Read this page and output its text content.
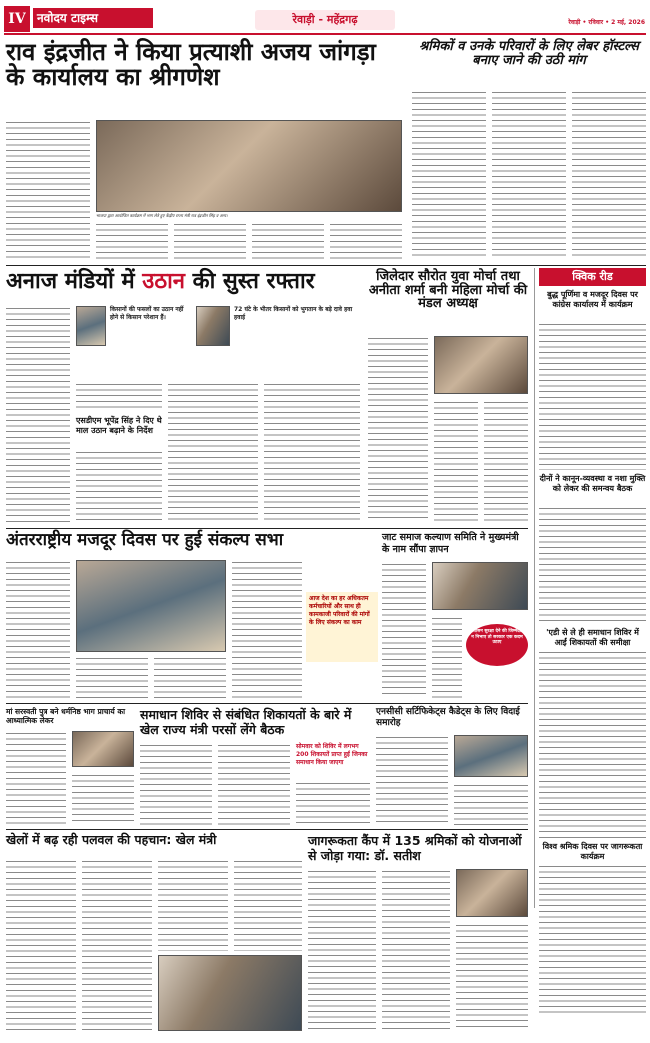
IV नवोदय टाइम्स	रेवाड़ी - महेंद्रगढ़	रेवाड़ी • रविवार • 2 मई, 2026
राव इंद्रजीत ने किया प्रत्याशी अजय जांगड़ा के कार्यालय का श्रीगणेश
भाजपा द्वारा आयोजित कार्यक्रम में भाग लेते हुए केंद्रीय राज्य मंत्री राव इंद्रजीत सिंह व अन्य।
श्रमिकों व उनके परिवारों के लिए लेबर हॉस्टल्स बनाए जाने की उठी मांग
अनाज मंडियों में उठान की सुस्त रफ्तार
किसानों की फसलों का उठान नहीं होने से किसान परेशान हैं।
72 घंटे के भीतर किसानों को भुगतान के बड़े दावे हवा हवाई
एसडीएम भूपेंद्र सिंह ने दिए थे माल उठान बढ़ाने के निर्देश
जिलेदार सौरोत युवा मोर्चा तथा अनीता शर्मा बनी महिला मोर्चा की मंडल अध्यक्ष
क्विक रीड
बुद्ध पूर्णिमा व मजदूर दिवस पर कांग्रेस कार्यालय में कार्यक्रम
दीनों ने कानून-व्यवस्था व नशा मुक्ति को लेकर की समन्वय बैठक
'एडी से ले ही समाधान शिविर में आईं शिकायतों की समीक्षा
विश्व श्रमिक दिवस पर जागरूकता कार्यक्रम
अंतरराष्ट्रीय मजदूर दिवस पर हुई संकल्प सभा
आज देश का हर अधिकतम कर्मचारियों और साथ ही कामकाजी परिवारों की मांगों के लिए संकल्प का काम
जाट समाज कल्याण समिति ने मुख्यमंत्री के नाम सौंपा ज्ञापन
प्रशासन सुरक्षा देने की जिम्मेदारी न निभाए तो सरकार एक कदम उठाए
मां सरस्वती पुत्र बने धर्मनिष्ठ भाग प्राचार्य का आध्यात्मिक लेकर	समाधान शिविर से संबंधित शिकायतों के बारे में खेल राज्य मंत्री परसों लेंगे बैठक
सोमवार को शिविर में लगभग 200 शिकायतें प्राप्त हुईं जिनका समाधान किया जाएगा
एनसीसी सर्टिफिकेट्स कैडेट्स के लिए विदाई समारोह
खेलों में बढ़ रही पलवल की पहचान: खेल मंत्री	जागरूकता कैंप में 135 श्रमिकों को योजनाओं से जोड़ा गया: डॉ. सतीश
